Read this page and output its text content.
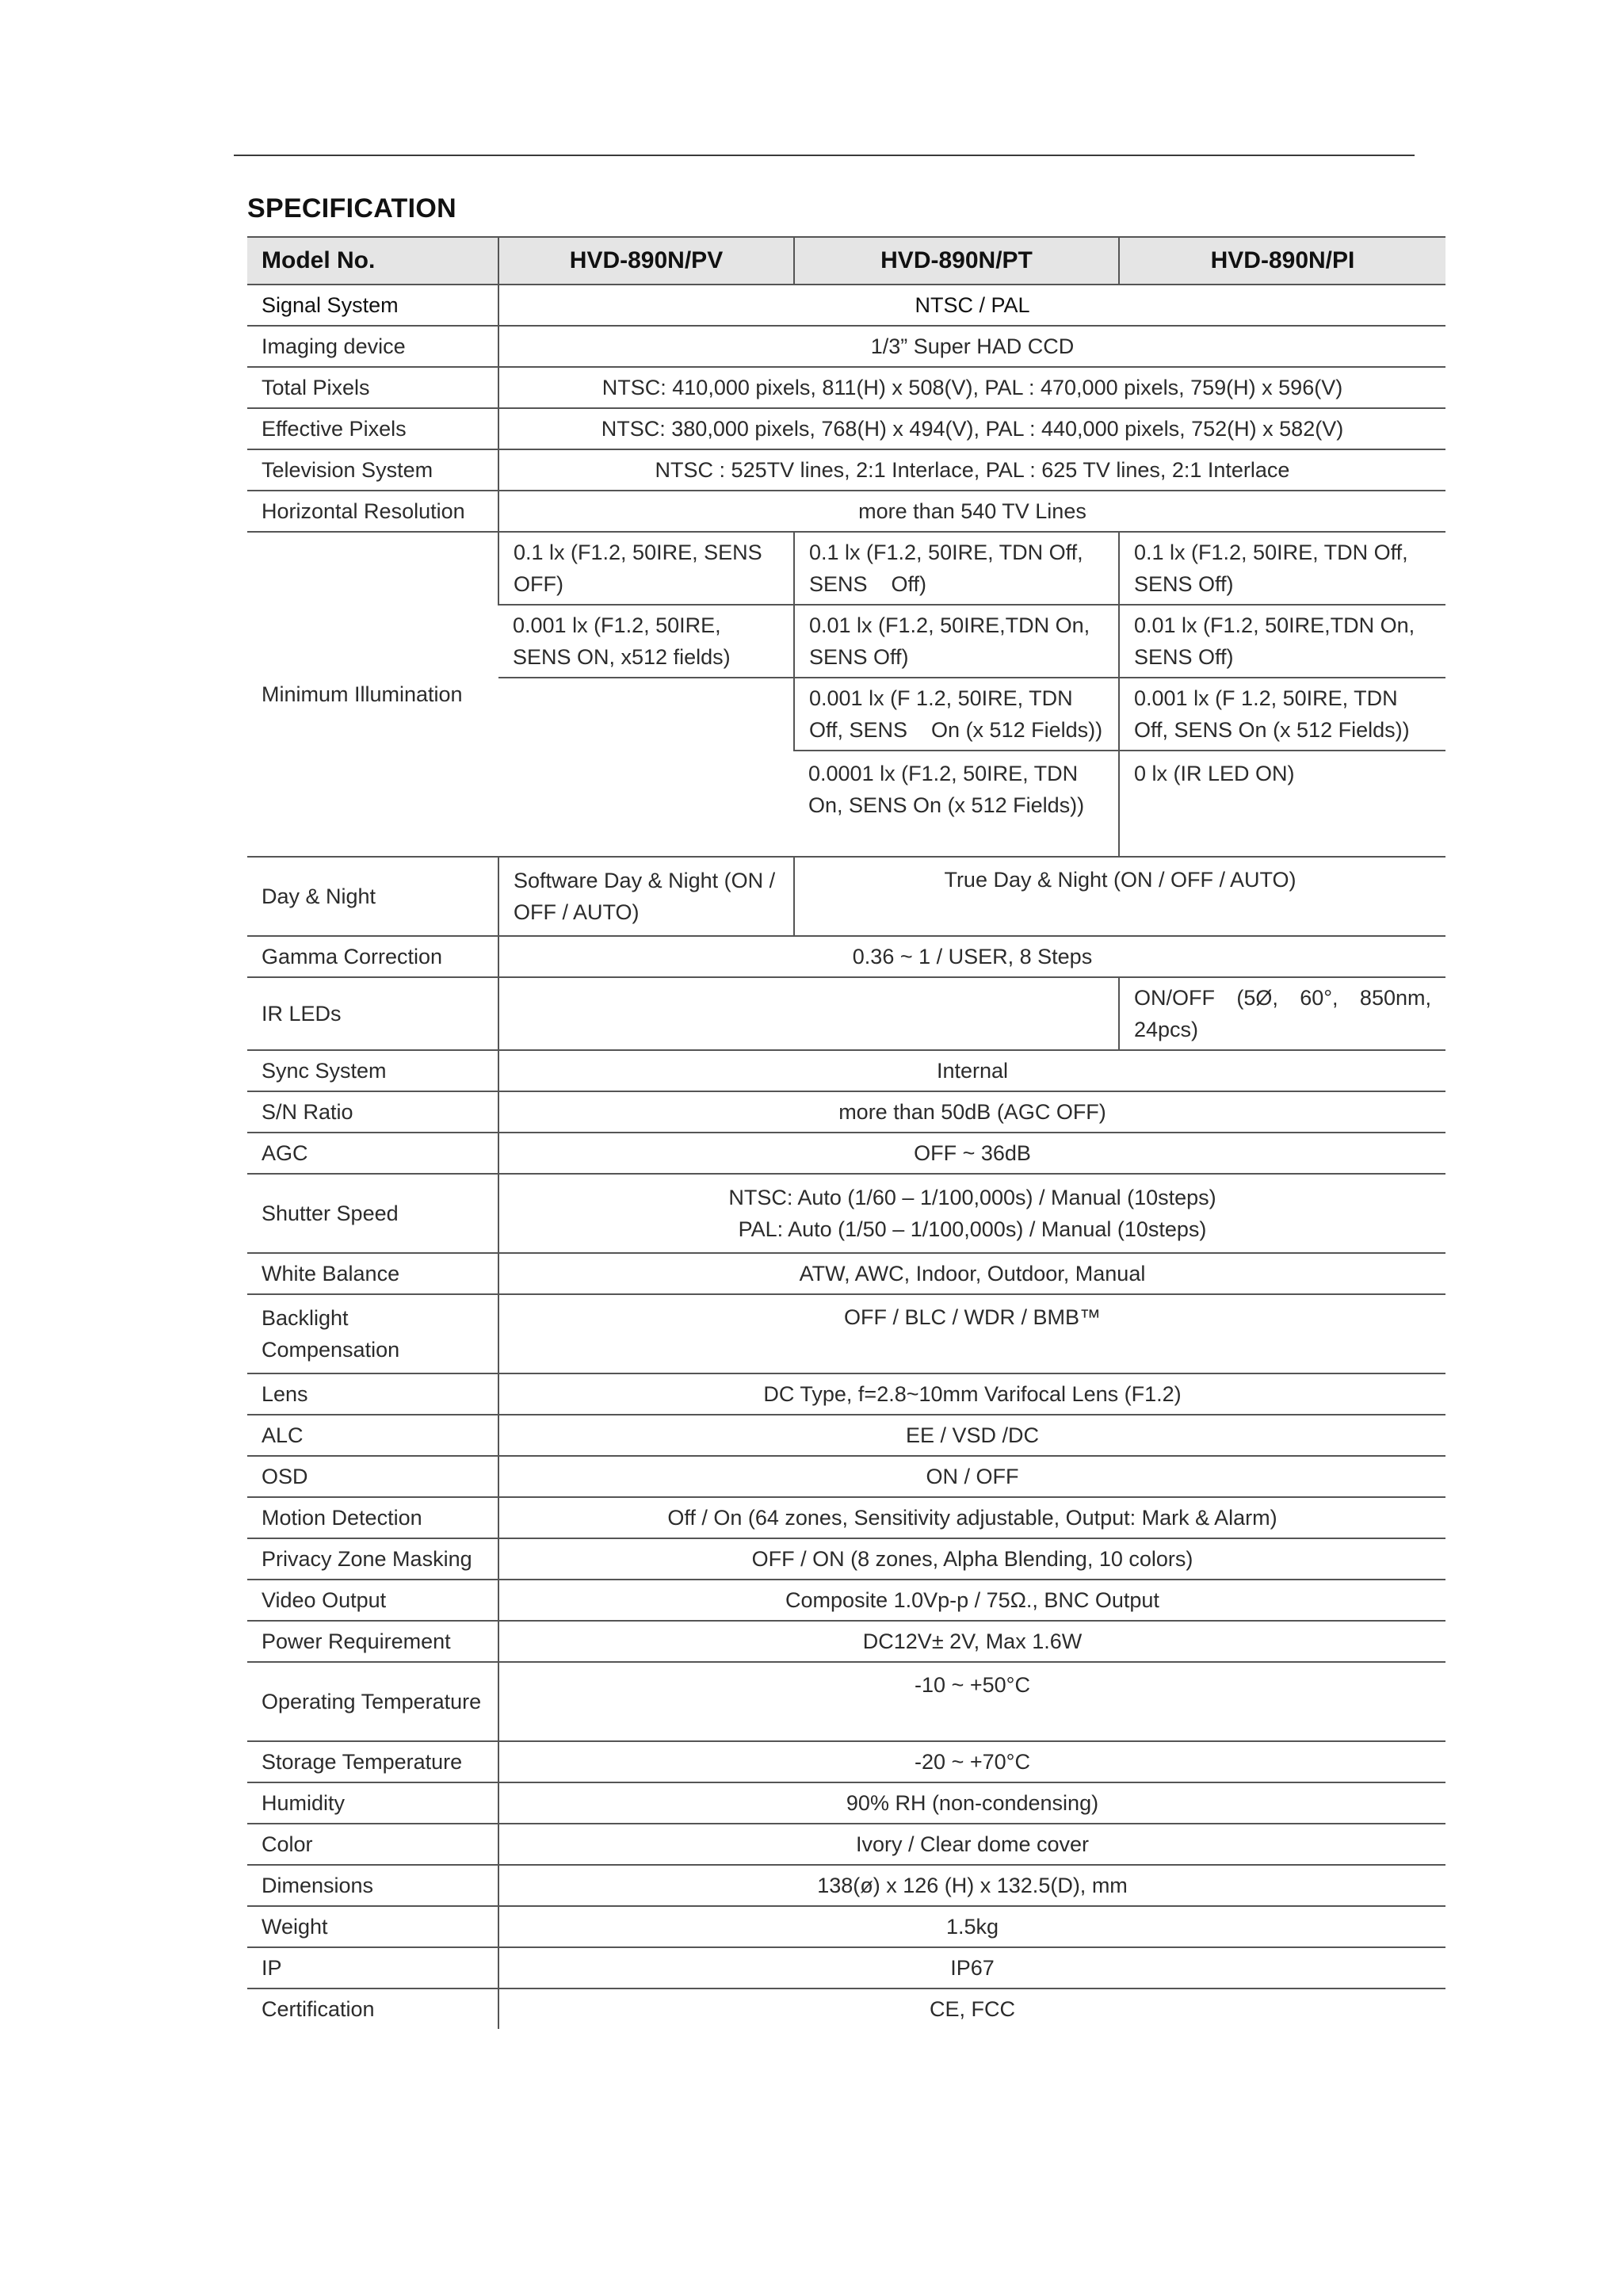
SPECIFICATION
Model No.	HVD-890N/PV	HVD-890N/PT	HVD-890N/PI
Signal System	NTSC / PAL		
Imaging device	1/3” Super HAD CCD		
Total Pixels	NTSC: 410,000 pixels, 811(H) x 508(V), PAL : 470,000 pixels, 759(H) x 596(V)		
Effective Pixels	NTSC: 380,000 pixels, 768(H) x 494(V), PAL : 440,000 pixels, 752(H) x 582(V)		
Television System	NTSC : 525TV lines, 2:1 Interlace, PAL : 625 TV lines, 2:1 Interlace		
Horizontal Resolution	more than 540 TV Lines		
Minimum Illumination	0.1 lx (F1.2, 50IRE, SENS OFF)	0.1 lx (F1.2, 50IRE, TDN Off, SENS    Off)	0.1 lx (F1.2, 50IRE, TDN Off, SENS Off)
	0.001 lx (F1.2, 50IRE, SENS ON, x512 fields)	0.01 lx (F1.2, 50IRE,TDN On, SENS Off)	0.01 lx (F1.2, 50IRE,TDN On, SENS Off)
		0.001 lx (F 1.2, 50IRE, TDN Off, SENS    On (x 512 Fields))	0.001 lx (F 1.2, 50IRE, TDN Off, SENS On (x 512 Fields))
		0.0001 lx (F1.2, 50IRE, TDN On, SENS On (x 512 Fields))	0 lx (IR LED ON)
Day & Night	Software Day & Night (ON / OFF / AUTO)	True Day & Night (ON / OFF / AUTO)	
Gamma Correction	0.36 ~ 1 / USER, 8 Steps		
IR LEDs			ON/OFF (5Ø, 60°, 850nm, 24pcs)
Sync System	Internal		
S/N Ratio	more than 50dB (AGC OFF)		
AGC	OFF ~ 36dB		
Shutter Speed	NTSC: Auto (1/60 – 1/100,000s) / Manual (10steps)
PAL: Auto (1/50 – 1/100,000s) / Manual (10steps)		

White Balance	ATW, AWC, Indoor, Outdoor, Manual		
Backlight Compensation	OFF / BLC / WDR / BMB™		
Lens	DC Type, f=2.8~10mm Varifocal Lens (F1.2)		
ALC	EE / VSD /DC		
OSD	ON / OFF		
Motion Detection	Off / On (64 zones, Sensitivity adjustable, Output: Mark & Alarm)		
Privacy Zone Masking	OFF / ON (8 zones, Alpha Blending, 10 colors)		
Video Output	Composite 1.0Vp-p / 75Ω., BNC Output		
Power Requirement	DC12V± 2V, Max 1.6W		
Operating Temperature	-10 ~ +50°C		
Storage Temperature	-20 ~ +70°C		
Humidity	90% RH (non-condensing)		
Color	Ivory / Clear dome cover		
Dimensions	138(ø) x 126 (H) x 132.5(D), mm		
Weight	1.5kg		
IP	IP67		
Certification	CE, FCC		
